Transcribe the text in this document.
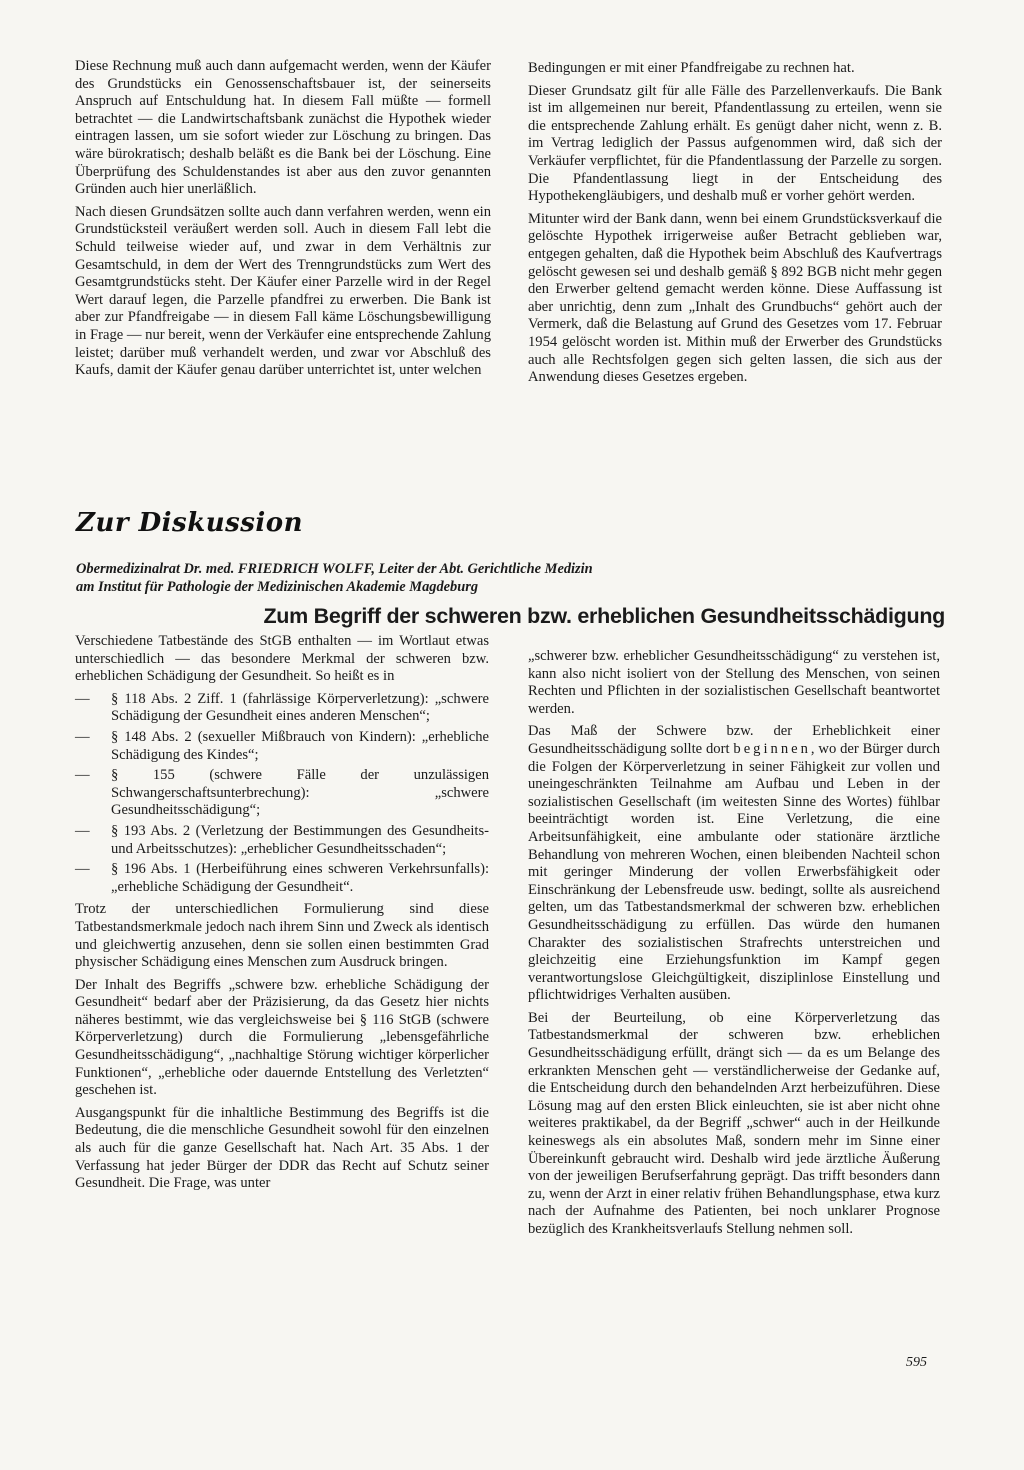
Diese Rechnung muß auch dann aufgemacht werden, wenn der Käufer des Grundstücks ein Genossenschaftsbauer ist, der seinerseits Anspruch auf Entschuldung hat. In diesem Fall müßte — formell betrachtet — die Landwirtschaftsbank zunächst die Hypothek wieder eintragen lassen, um sie sofort wieder zur Löschung zu bringen. Das wäre bürokratisch; deshalb beläßt es die Bank bei der Löschung. Eine Überprüfung des Schuldenstandes ist aber aus den zuvor genannten Gründen auch hier unerläßlich.

Nach diesen Grundsätzen sollte auch dann verfahren werden, wenn ein Grundstücksteil veräußert werden soll. Auch in diesem Fall lebt die Schuld teilweise wieder auf, und zwar in dem Verhältnis zur Gesamtschuld, in dem der Wert des Trenngrundstücks zum Wert des Gesamtgrundstücks steht. Der Käufer einer Parzelle wird in der Regel Wert darauf legen, die Parzelle pfandfrei zu erwerben. Die Bank ist aber zur Pfandfreigabe — in diesem Fall käme Löschungsbewilligung in Frage — nur bereit, wenn der Verkäufer eine entsprechende Zahlung leistet; darüber muß verhandelt werden, und zwar vor Abschluß des Kaufs, damit der Käufer genau darüber unterrichtet ist, unter welchen

Bedingungen er mit einer Pfandfreigabe zu rechnen hat.

Dieser Grundsatz gilt für alle Fälle des Parzellenverkaufs. Die Bank ist im allgemeinen nur bereit, Pfandentlassung zu erteilen, wenn sie die entsprechende Zahlung erhält. Es genügt daher nicht, wenn z. B. im Vertrag lediglich der Passus aufgenommen wird, daß sich der Verkäufer verpflichtet, für die Pfandentlassung der Parzelle zu sorgen. Die Pfandentlassung liegt in der Entscheidung des Hypothekengläubigers, und deshalb muß er vorher gehört werden.

Mitunter wird der Bank dann, wenn bei einem Grundstücksverkauf die gelöschte Hypothek irrigerweise außer Betracht geblieben war, entgegen gehalten, daß die Hypothek beim Abschluß des Kaufvertrags gelöscht gewesen sei und deshalb gemäß § 892 BGB nicht mehr gegen den Erwerber geltend gemacht werden könne. Diese Auffassung ist aber unrichtig, denn zum „Inhalt des Grundbuchs“ gehört auch der Vermerk, daß die Belastung auf Grund des Gesetzes vom 17. Februar 1954 gelöscht worden ist. Mithin muß der Erwerber des Grundstücks auch alle Rechtsfolgen gegen sich gelten lassen, die sich aus der Anwendung dieses Gesetzes ergeben.

Zur Diskussion
Obermedizinalrat Dr. med. FRIEDRICH WOLFF, Leiter der Abt. Gerichtliche Medizin
am Institut für Pathologie der Medizinischen Akademie Magdeburg
Zum Begriff der schweren bzw. erheblichen Gesundheitsschädigung

Verschiedene Tatbestände des StGB enthalten — im Wortlaut etwas unterschiedlich — das besondere Merkmal der schweren bzw. erheblichen Schädigung der Gesundheit. So heißt es in

— § 118 Abs. 2 Ziff. 1 (fahrlässige Körperverletzung): „schwere Schädigung der Gesundheit eines anderen Menschen“;
— § 148 Abs. 2 (sexueller Mißbrauch von Kindern): „erhebliche Schädigung des Kindes“;
— § 155 (schwere Fälle der unzulässigen Schwangerschaftsunterbrechung): „schwere Gesundheitsschädigung“;
— § 193 Abs. 2 (Verletzung der Bestimmungen des Gesundheits- und Arbeitsschutzes): „erheblicher Gesundheitsschaden“;
— § 196 Abs. 1 (Herbeiführung eines schweren Verkehrsunfalls): „erhebliche Schädigung der Gesundheit“.

Trotz der unterschiedlichen Formulierung sind diese Tatbestandsmerkmale jedoch nach ihrem Sinn und Zweck als identisch und gleichwertig anzusehen, denn sie sollen einen bestimmten Grad physischer Schädigung eines Menschen zum Ausdruck bringen.

Der Inhalt des Begriffs „schwere bzw. erhebliche Schädigung der Gesundheit“ bedarf aber der Präzisierung, da das Gesetz hier nichts näheres bestimmt, wie das vergleichsweise bei § 116 StGB (schwere Körperverletzung) durch die Formulierung „lebensgefährliche Gesundheitsschädigung“, „nachhaltige Störung wichtiger körperlicher Funktionen“, „erhebliche oder dauernde Entstellung des Verletzten“ geschehen ist.

Ausgangspunkt für die inhaltliche Bestimmung des Begriffs ist die Bedeutung, die die menschliche Gesundheit sowohl für den einzelnen als auch für die ganze Gesellschaft hat. Nach Art. 35 Abs. 1 der Verfassung hat jeder Bürger der DDR das Recht auf Schutz seiner Gesundheit. Die Frage, was unter

„schwerer bzw. erheblicher Gesundheitsschädigung“ zu verstehen ist, kann also nicht isoliert von der Stellung des Menschen, von seinen Rechten und Pflichten in der sozialistischen Gesellschaft beantwortet werden.

Das Maß der Schwere bzw. der Erheblichkeit einer Gesundheitsschädigung sollte dort beginnen, wo der Bürger durch die Folgen der Körperverletzung in seiner Fähigkeit zur vollen und uneingeschränkten Teilnahme am Aufbau und Leben in der sozialistischen Gesellschaft (im weitesten Sinne des Wortes) fühlbar beeinträchtigt worden ist. Eine Verletzung, die eine Arbeitsunfähigkeit, eine ambulante oder stationäre ärztliche Behandlung von mehreren Wochen, einen bleibenden Nachteil schon mit geringer Minderung der vollen Erwerbsfähigkeit oder Einschränkung der Lebensfreude usw. bedingt, sollte als ausreichend gelten, um das Tatbestandsmerkmal der schweren bzw. erheblichen Gesundheitsschädigung zu erfüllen. Das würde den humanen Charakter des sozialistischen Strafrechts unterstreichen und gleichzeitig eine Erziehungsfunktion im Kampf gegen verantwortungslose Gleichgültigkeit, disziplinlose Einstellung und pflichtwidriges Verhalten ausüben.

Bei der Beurteilung, ob eine Körperverletzung das Tatbestandsmerkmal der schweren bzw. erheblichen Gesundheitsschädigung erfüllt, drängt sich — da es um Belange des erkrankten Menschen geht — verständlicherweise der Gedanke auf, die Entscheidung durch den behandelnden Arzt herbeizuführen. Diese Lösung mag auf den ersten Blick einleuchten, sie ist aber nicht ohne weiteres praktikabel, da der Begriff „schwer“ auch in der Heilkunde keineswegs als ein absolutes Maß, sondern mehr im Sinne einer Übereinkunft gebraucht wird. Deshalb wird jede ärztliche Äußerung von der jeweiligen Berufserfahrung geprägt. Das trifft besonders dann zu, wenn der Arzt in einer relativ frühen Behandlungsphase, etwa kurz nach der Aufnahme des Patienten, bei noch unklarer Prognose bezüglich des Krankheitsverlaufs Stellung nehmen soll.

595
